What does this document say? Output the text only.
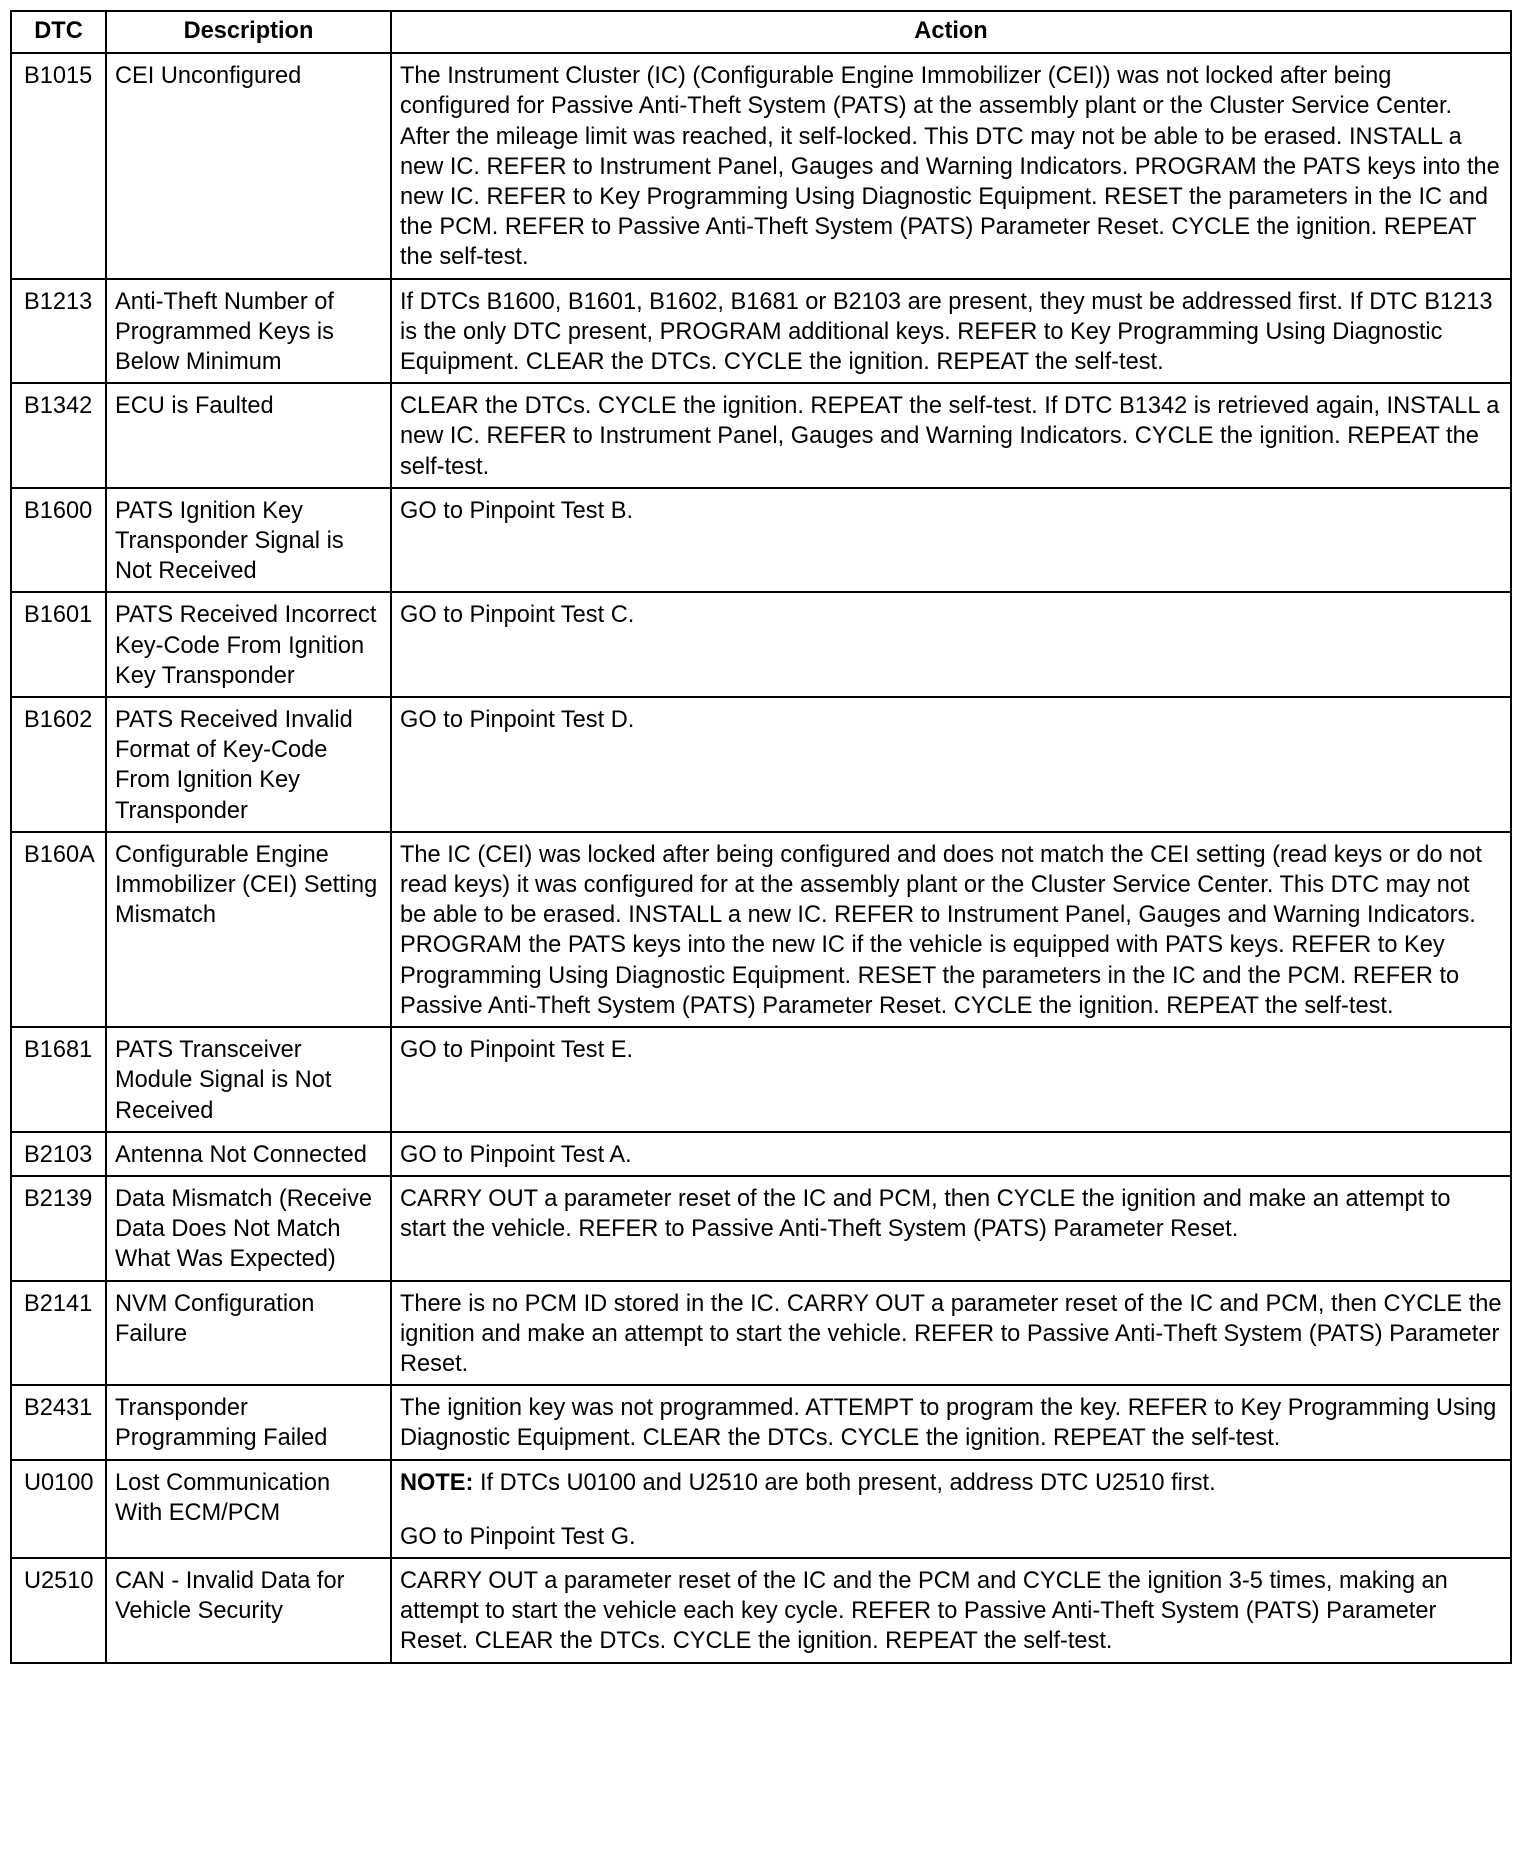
DTC	Description	Action
B1015	CEI Unconfigured	The Instrument Cluster (IC) (Configurable Engine Immobilizer (CEI)) was not locked after being configured for Passive Anti-Theft System (PATS) at the assembly plant or the Cluster Service Center. After the mileage limit was reached, it self-locked. This DTC may not be able to be erased. INSTALL a new IC. REFER to Instrument Panel, Gauges and Warning Indicators. PROGRAM the PATS keys into the new IC. REFER to Key Programming Using Diagnostic Equipment. RESET the parameters in the IC and the PCM. REFER to Passive Anti-Theft System (PATS) Parameter Reset. CYCLE the ignition. REPEAT the self-test.
B1213	Anti-Theft Number of Programmed Keys is Below Minimum	If DTCs B1600, B1601, B1602, B1681 or B2103 are present, they must be addressed first. If DTC B1213 is the only DTC present, PROGRAM additional keys. REFER to Key Programming Using Diagnostic Equipment. CLEAR the DTCs. CYCLE the ignition. REPEAT the self-test.
B1342	ECU is Faulted	CLEAR the DTCs. CYCLE the ignition. REPEAT the self-test. If DTC B1342 is retrieved again, INSTALL a new IC. REFER to Instrument Panel, Gauges and Warning Indicators. CYCLE the ignition. REPEAT the self-test.
B1600	PATS Ignition Key Transponder Signal is Not Received	GO to Pinpoint Test B.
B1601	PATS Received Incorrect Key-Code From Ignition Key Transponder	GO to Pinpoint Test C.
B1602	PATS Received Invalid Format of Key-Code From Ignition Key Transponder	GO to Pinpoint Test D.
B160A	Configurable Engine Immobilizer (CEI) Setting Mismatch	The IC (CEI) was locked after being configured and does not match the CEI setting (read keys or do not read keys) it was configured for at the assembly plant or the Cluster Service Center. This DTC may not be able to be erased. INSTALL a new IC. REFER to Instrument Panel, Gauges and Warning Indicators. PROGRAM the PATS keys into the new IC if the vehicle is equipped with PATS keys. REFER to Key Programming Using Diagnostic Equipment. RESET the parameters in the IC and the PCM. REFER to Passive Anti-Theft System (PATS) Parameter Reset. CYCLE the ignition. REPEAT the self-test.
B1681	PATS Transceiver Module Signal is Not Received	GO to Pinpoint Test E.
B2103	Antenna Not Connected	GO to Pinpoint Test A.
B2139	Data Mismatch (Receive Data Does Not Match What Was Expected)	CARRY OUT a parameter reset of the IC and PCM, then CYCLE the ignition and make an attempt to start the vehicle. REFER to Passive Anti-Theft System (PATS) Parameter Reset.
B2141	NVM Configuration Failure	There is no PCM ID stored in the IC. CARRY OUT a parameter reset of the IC and PCM, then CYCLE the ignition and make an attempt to start the vehicle. REFER to Passive Anti-Theft System (PATS) Parameter Reset.
B2431	Transponder Programming Failed	The ignition key was not programmed. ATTEMPT to program the key. REFER to Key Programming Using Diagnostic Equipment. CLEAR the DTCs. CYCLE the ignition. REPEAT the self-test.
U0100	Lost Communication With ECM/PCM	NOTE: If DTCs U0100 and U2510 are both present, address DTC U2510 first.
GO to Pinpoint Test G.

U2510	CAN - Invalid Data for Vehicle Security	CARRY OUT a parameter reset of the IC and the PCM and CYCLE the ignition 3-5 times, making an attempt to start the vehicle each key cycle. REFER to Passive Anti-Theft System (PATS) Parameter Reset. CLEAR the DTCs. CYCLE the ignition. REPEAT the self-test.
